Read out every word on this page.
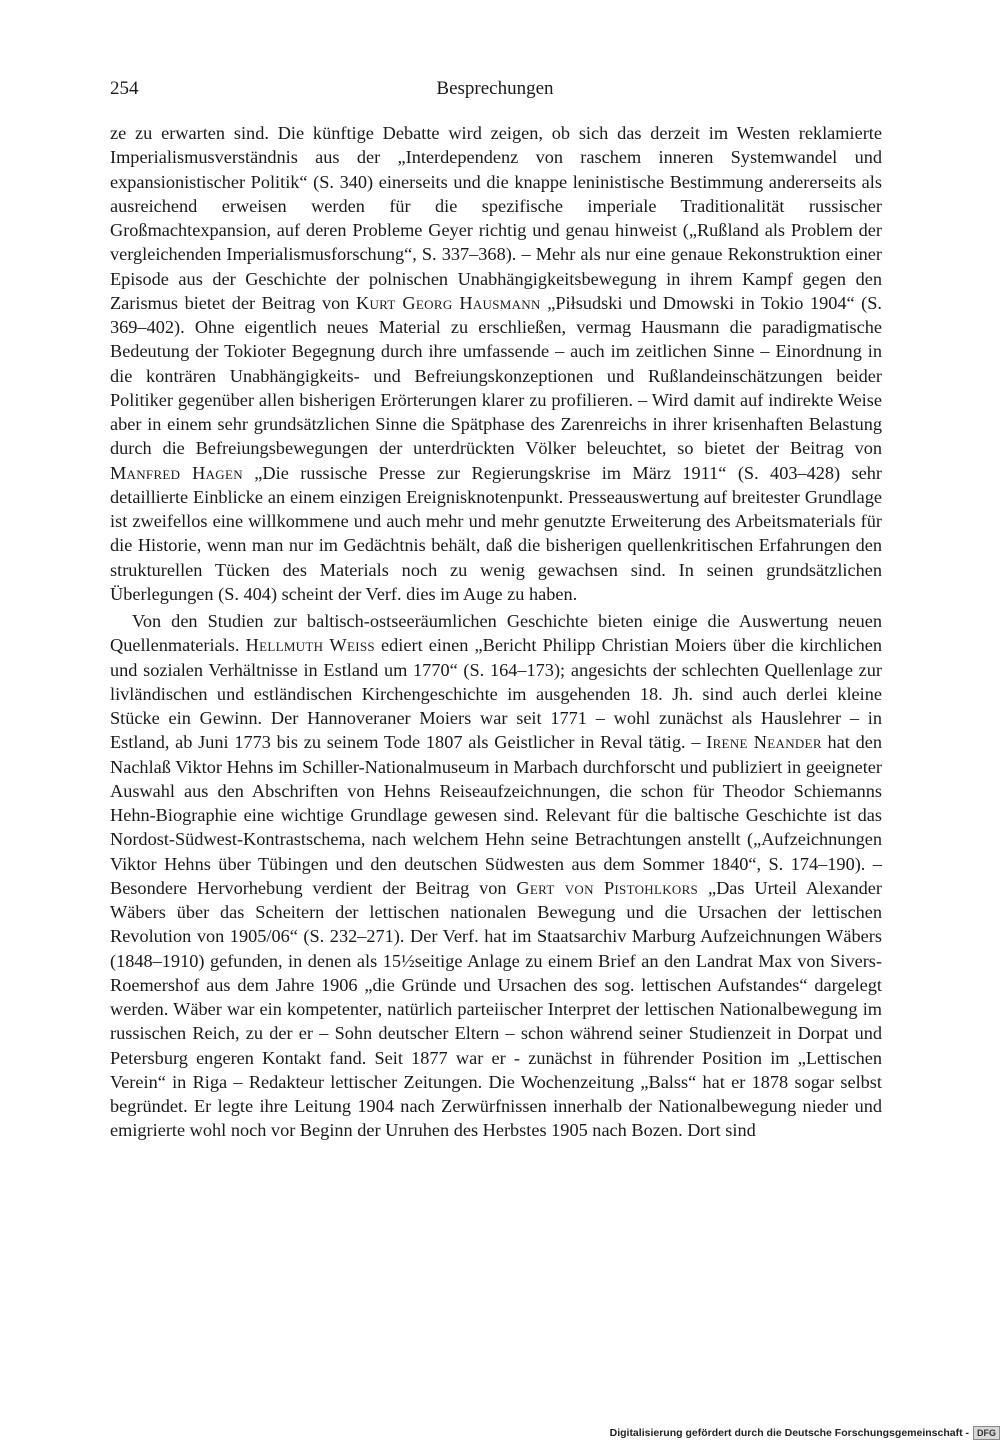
254	Besprechungen

ze zu erwarten sind. Die künftige Debatte wird zeigen, ob sich das derzeit im Westen reklamierte Imperialismusverständnis aus der „Interdependenz von raschem inneren Systemwandel und expansionistischer Politik“ (S. 340) einerseits und die knappe leninistische Bestimmung andererseits als ausreichend erweisen werden für die spezifische imperiale Traditionalität russischer Großmachtexpansion, auf deren Probleme Geyer richtig und genau hinweist („Rußland als Problem der vergleichenden Imperialismusforschung“, S. 337–368). – Mehr als nur eine genaue Rekonstruktion einer Episode aus der Geschichte der polnischen Unabhängigkeitsbewegung in ihrem Kampf gegen den Zarismus bietet der Beitrag von Kurt Georg Hausmann „Piłsudski und Dmowski in Tokio 1904“ (S. 369–402). Ohne eigentlich neues Material zu erschließen, vermag Hausmann die paradigmatische Bedeutung der Tokioter Begegnung durch ihre umfassende – auch im zeitlichen Sinne – Einordnung in die konträren Unabhängigkeits- und Befreiungskonzeptionen und Rußlandeinschätzungen beider Politiker gegenüber allen bisherigen Erörterungen klarer zu profilieren. – Wird damit auf indirekte Weise aber in einem sehr grundsätzlichen Sinne die Spätphase des Zarenreichs in ihrer krisenhaften Belastung durch die Befreiungsbewegungen der unterdrückten Völker beleuchtet, so bietet der Beitrag von Manfred Hagen „Die russische Presse zur Regierungskrise im März 1911“ (S. 403–428) sehr detaillierte Einblicke an einem einzigen Ereignisknotenpunkt. Presseauswertung auf breitester Grundlage ist zweifellos eine willkommene und auch mehr und mehr genutzte Erweiterung des Arbeitsmaterials für die Historie, wenn man nur im Gedächtnis behält, daß die bisherigen quellenkritischen Erfahrungen den strukturellen Tücken des Materials noch zu wenig gewachsen sind. In seinen grundsätzlichen Überlegungen (S. 404) scheint der Verf. dies im Auge zu haben.

Von den Studien zur baltisch-ostseeräumlichen Geschichte bieten einige die Auswertung neuen Quellenmaterials. Hellmuth Weiss ediert einen „Bericht Philipp Christian Moiers über die kirchlichen und sozialen Verhältnisse in Estland um 1770“ (S. 164–173); angesichts der schlechten Quellenlage zur livländischen und estländischen Kirchengeschichte im ausgehenden 18. Jh. sind auch derlei kleine Stücke ein Gewinn. Der Hannoveraner Moiers war seit 1771 – wohl zunächst als Hauslehrer – in Estland, ab Juni 1773 bis zu seinem Tode 1807 als Geistlicher in Reval tätig. – Irene Neander hat den Nachlaß Viktor Hehns im Schiller-Nationalmuseum in Marbach durchforscht und publiziert in geeigneter Auswahl aus den Abschriften von Hehns Reiseaufzeichnungen, die schon für Theodor Schiemanns Hehn-Biographie eine wichtige Grundlage gewesen sind. Relevant für die baltische Geschichte ist das Nordost-Südwest-Kontrastschema, nach welchem Hehn seine Betrachtungen anstellt („Aufzeichnungen Viktor Hehns über Tübingen und den deutschen Südwesten aus dem Sommer 1840“, S. 174–190). – Besondere Hervorhebung verdient der Beitrag von Gert von Pistohlkors „Das Urteil Alexander Wäbers über das Scheitern der lettischen nationalen Bewegung und die Ursachen der lettischen Revolution von 1905/06“ (S. 232–271). Der Verf. hat im Staatsarchiv Marburg Aufzeichnungen Wäbers (1848–1910) gefunden, in denen als 15½seitige Anlage zu einem Brief an den Landrat Max von Sivers-Roemershof aus dem Jahre 1906 „die Gründe und Ursachen des sog. lettischen Aufstandes“ dargelegt werden. Wäber war ein kompetenter, natürlich parteiischer Interpret der lettischen Nationalbewegung im russischen Reich, zu der er – Sohn deutscher Eltern – schon während seiner Studienzeit in Dorpat und Petersburg engeren Kontakt fand. Seit 1877 war er - zunächst in führender Position im „Lettischen Verein“ in Riga – Redakteur lettischer Zeitungen. Die Wochenzeitung „Balss“ hat er 1878 sogar selbst begründet. Er legte ihre Leitung 1904 nach Zerwürfnissen innerhalb der Nationalbewegung nieder und emigrierte wohl noch vor Beginn der Unruhen des Herbstes 1905 nach Bozen. Dort sind

Digitalisierung gefördert durch die Deutsche Forschungsgemeinschaft - DFG
